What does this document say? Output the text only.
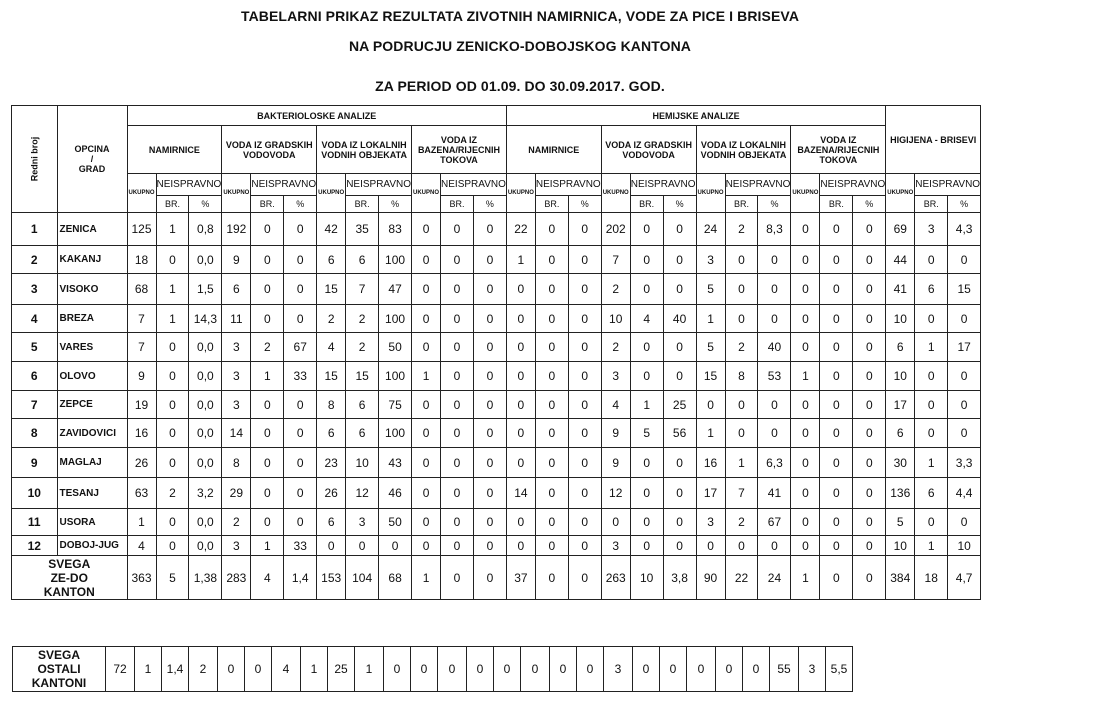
TABELARNI PRIKAZ REZULTATA ZIVOTNIH NAMIRNICA, VODE ZA PICE I BRISEVA
NA PODRUCJU ZENICKO-DOBOJSKOG KANTONA
ZA PERIOD OD 01.09. DO 30.09.2017. GOD.
Redni broj	OPCINA
/
GRAD	BAKTERIOLOSKE ANALIZE												HEMIJSKE ANALIZE												HIGIJENA - BRISEVI		
		NAMIRNICE			VODA IZ GRADSKIH VODOVODA			VODA IZ LOKALNIH VODNIH OBJEKATA			VODA IZ BAZENA/RIJECNIH TOKOVA			NAMIRNICE			VODA IZ GRADSKIH VODOVODA			VODA IZ LOKALNIH VODNIH OBJEKATA			VODA IZ BAZENA/RIJECNIH TOKOVA					
		UKUPNO	NEISPRAVNO		UKUPNO	NEISPRAVNO		UKUPNO	NEISPRAVNO		UKUPNO	NEISPRAVNO		UKUPNO	NEISPRAVNO		UKUPNO	NEISPRAVNO		UKUPNO	NEISPRAVNO		UKUPNO	NEISPRAVNO		UKUPNO	NEISPRAVNO	
			BR.	%		BR.	%		BR.	%		BR.	%		BR.	%		BR.	%		BR.	%		BR.	%		BR.	%
1	ZENICA	125	1	0,8	192	0	0	42	35	83	0	0	0	22	0	0	202	0	0	24	2	8,3	0	0	0	69	3	4,3
2	KAKANJ	18	0	0,0	9	0	0	6	6	100	0	0	0	1	0	0	7	0	0	3	0	0	0	0	0	44	0	0
3	VISOKO	68	1	1,5	6	0	0	15	7	47	0	0	0	0	0	0	2	0	0	5	0	0	0	0	0	41	6	15
4	BREZA	7	1	14,3	11	0	0	2	2	100	0	0	0	0	0	0	10	4	40	1	0	0	0	0	0	10	0	0
5	VARES	7	0	0,0	3	2	67	4	2	50	0	0	0	0	0	0	2	0	0	5	2	40	0	0	0	6	1	17
6	OLOVO	9	0	0,0	3	1	33	15	15	100	1	0	0	0	0	0	3	0	0	15	8	53	1	0	0	10	0	0
7	ZEPCE	19	0	0,0	3	0	0	8	6	75	0	0	0	0	0	0	4	1	25	0	0	0	0	0	0	17	0	0
8	ZAVIDOVICI	16	0	0,0	14	0	0	6	6	100	0	0	0	0	0	0	9	5	56	1	0	0	0	0	0	6	0	0
9	MAGLAJ	26	0	0,0	8	0	0	23	10	43	0	0	0	0	0	0	9	0	0	16	1	6,3	0	0	0	30	1	3,3
10	TESANJ	63	2	3,2	29	0	0	26	12	46	0	0	0	14	0	0	12	0	0	17	7	41	0	0	0	136	6	4,4
11	USORA	1	0	0,0	2	0	0	6	3	50	0	0	0	0	0	0	0	0	0	3	2	67	0	0	0	5	0	0
12	DOBOJ-JUG	4	0	0,0	3	1	33	0	0	0	0	0	0	0	0	0	3	0	0	0	0	0	0	0	0	10	1	10

SVEGA
ZE-DO
KANTON		363	5	1,38	283	4	1,4	153	104	68	1	0	0	37	0	0	263	10	3,8	90	22	24	1	0	0	384	18	4,7
SVEGA
OSTALI
KANTONI
	72	1	1,4	2	0	0	4	1	25	1	0	0	0	0	0	0	0	0	3	0	0	0	0	0	55	3	5,5
